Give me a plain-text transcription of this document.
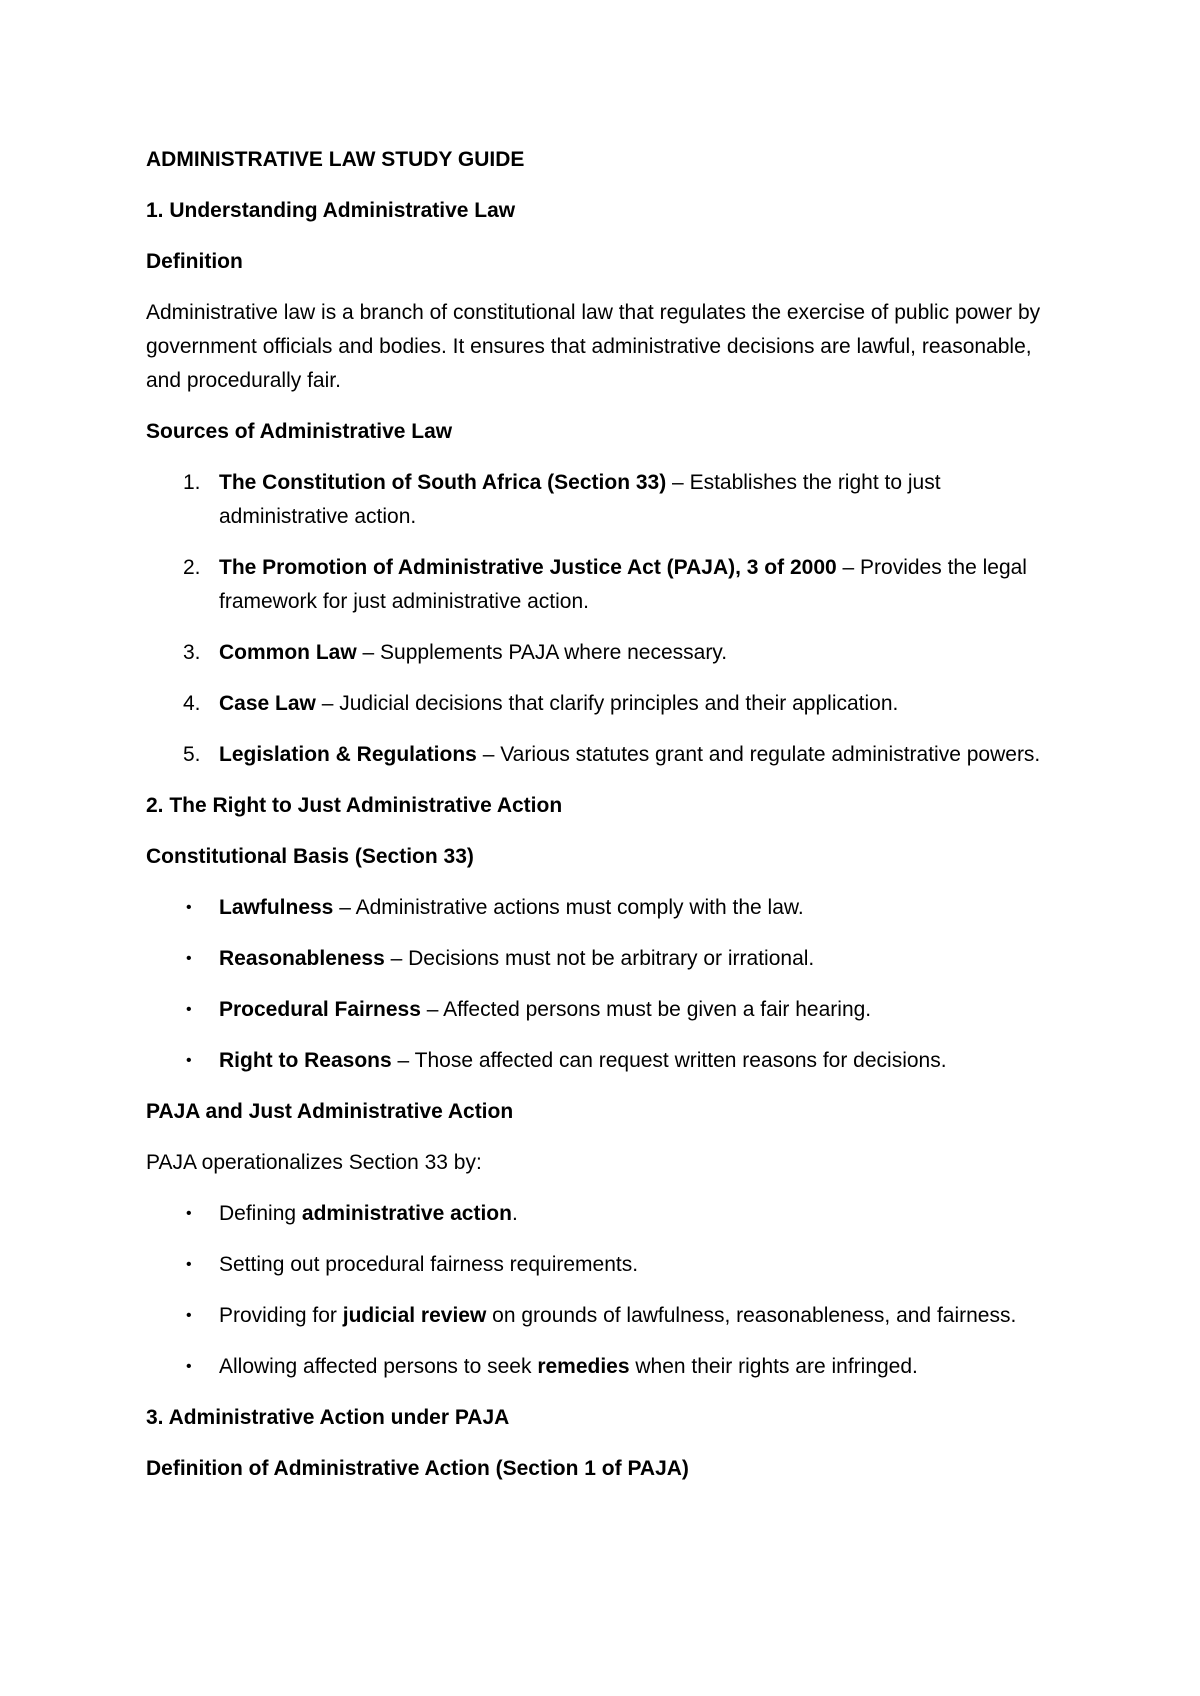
ADMINISTRATIVE LAW STUDY GUIDE

1. Understanding Administrative Law

Definition

Administrative law is a branch of constitutional law that regulates the exercise of public power by government officials and bodies. It ensures that administrative decisions are lawful, reasonable, and procedurally fair.

Sources of Administrative Law

1. The Constitution of South Africa (Section 33) – Establishes the right to just administrative action.
2. The Promotion of Administrative Justice Act (PAJA), 3 of 2000 – Provides the legal framework for just administrative action.
3. Common Law – Supplements PAJA where necessary.
4. Case Law – Judicial decisions that clarify principles and their application.
5. Legislation & Regulations – Various statutes grant and regulate administrative powers.

2. The Right to Just Administrative Action

Constitutional Basis (Section 33)

• Lawfulness – Administrative actions must comply with the law.
• Reasonableness – Decisions must not be arbitrary or irrational.
• Procedural Fairness – Affected persons must be given a fair hearing.
• Right to Reasons – Those affected can request written reasons for decisions.

PAJA and Just Administrative Action

PAJA operationalizes Section 33 by:

• Defining administrative action.
• Setting out procedural fairness requirements.
• Providing for judicial review on grounds of lawfulness, reasonableness, and fairness.
• Allowing affected persons to seek remedies when their rights are infringed.

3. Administrative Action under PAJA

Definition of Administrative Action (Section 1 of PAJA)
